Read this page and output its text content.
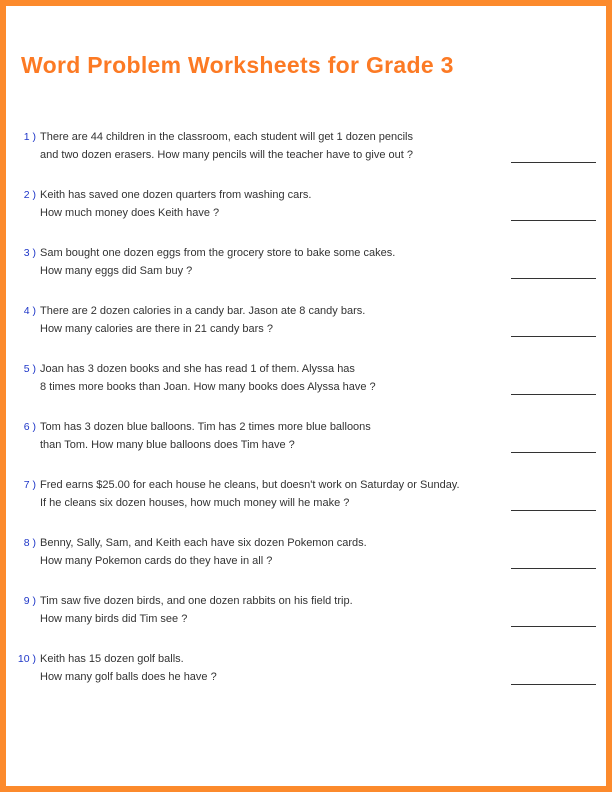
Word Problem Worksheets for Grade 3
1 ) There are 44 children in the classroom, each student will get 1 dozen pencils
and two dozen erasers. How many pencils will the teacher have to give out ?
2 ) Keith has saved one dozen quarters from washing cars.
How much money does Keith have ?
3 ) Sam bought one dozen eggs from the grocery store to bake some cakes.
How many eggs did Sam buy ?
4 ) There are 2 dozen calories in a candy bar. Jason ate 8 candy bars.
How many calories are there in 21 candy bars ?
5 ) Joan has 3 dozen books and she has read 1 of them. Alyssa has
8 times more books than Joan. How many books does Alyssa have ?
6 ) Tom has 3 dozen blue balloons. Tim has 2 times more blue balloons
than Tom. How many blue balloons does Tim have ?
7 ) Fred earns $25.00 for each house he cleans, but doesn't work on Saturday or Sunday.
If he cleans six dozen houses, how much money will he make ?
8 ) Benny, Sally, Sam, and Keith each have six dozen Pokemon cards.
How many Pokemon cards do they have in all ?
9 ) Tim saw five dozen birds, and one dozen rabbits on his field trip.
How many birds did Tim see ?
10 ) Keith has 15 dozen golf balls.
How many golf balls does he have ?
